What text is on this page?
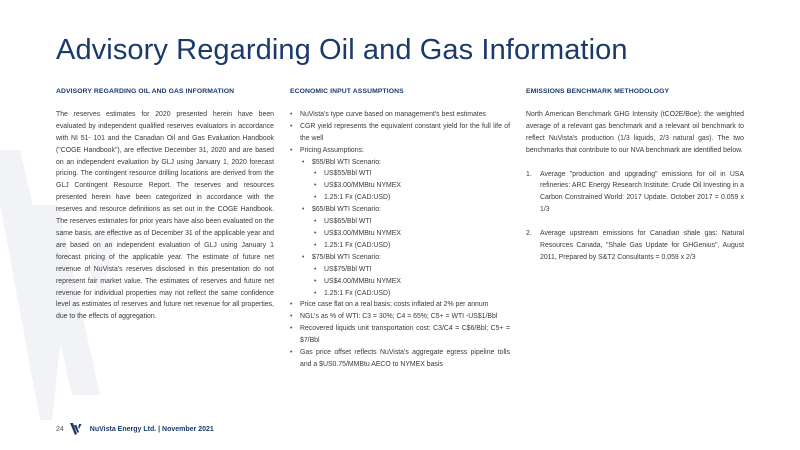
Advisory Regarding Oil and Gas Information
ADVISORY REGARDING OIL AND GAS INFORMATION
The reserves estimates for 2020 presented herein have been evaluated by independent qualified reserves evaluators in accordance with NI 51- 101 and the Canadian Oil and Gas Evaluation Handbook ("COGE Handbook"), are effective December 31, 2020 and are based on an independent evaluation by GLJ using January 1, 2020 forecast pricing. The contingent resource drilling locations are derived from the GLJ Contingent Resource Report. The reserves and resources presented herein have been categorized in accordance with the reserves and resource definitions as set out in the COGE Handbook. The reserves estimates for prior years have also been evaluated on the same basis, are effective as of December 31 of the applicable year and are based on an independent evaluation of GLJ using January 1 forecast pricing of the applicable year. The estimate of future net revenue of NuVista's reserves disclosed in this presentation do not represent fair market value. The estimates of reserves and future net revenue for individual properties may not reflect the same confidence level as estimates of reserves and future net revenue for all properties, due to the effects of aggregation.
ECONOMIC INPUT ASSUMPTIONS
• NuVista's type curve based on management's best estimates
• CGR yield represents the equivalent constant yield for the full life of the well
• Pricing Assumptions:
• $55/Bbl WTI Scenario:
• US$55/Bbl WTI
• US$3.00/MMBtu NYMEX
• 1.25:1 Fx (CAD:USD)
• $65/Bbl WTI Scenario:
• US$65/Bbl WTI
• US$3.00/MMBtu NYMEX
• 1.25:1 Fx (CAD:USD)
• $75/Bbl WTI Scenario:
• US$75/Bbl WTI
• US$4.00/MMBtu NYMEX
• 1.25:1 Fx (CAD:USD)
• Price case flat on a real basis; costs inflated at 2% per annum
• NGL's as % of WTI: C3 = 30%; C4 = 65%; C5+ = WTI -US$1/Bbl
• Recovered liquids unit transportation cost: C3/C4 = C$6/Bbl; C5+ = $7/Bbl
• Gas price offset reflects NuVista's aggregate egress pipeline tolls and a $US0.75/MMBtu AECO to NYMEX basis
EMISSIONS BENCHMARK METHODOLOGY
North American Benchmark GHG Intensity (tCO2E/Boe): the weighted average of a relevant gas benchmark and a relevant oil benchmark to reflect NuVista's production (1/3 liquids, 2/3 natural gas). The two benchmarks that contribute to our NVA benchmark are identified below.
1. Average "production and upgrading" emissions for oil in USA refineries: ARC Energy Research Institute: Crude Oil Investing in a Carbon Constrained World: 2017 Update. October 2017 = 0.059 x 1/3
2. Average upstream emissions for Canadian shale gas: Natural Resources Canada, "Shale Gas Update for GHGenius", August 2011, Prepared by S&T2 Consultants = 0.059 x 2/3
24	NuVista Energy Ltd. | November 2021
